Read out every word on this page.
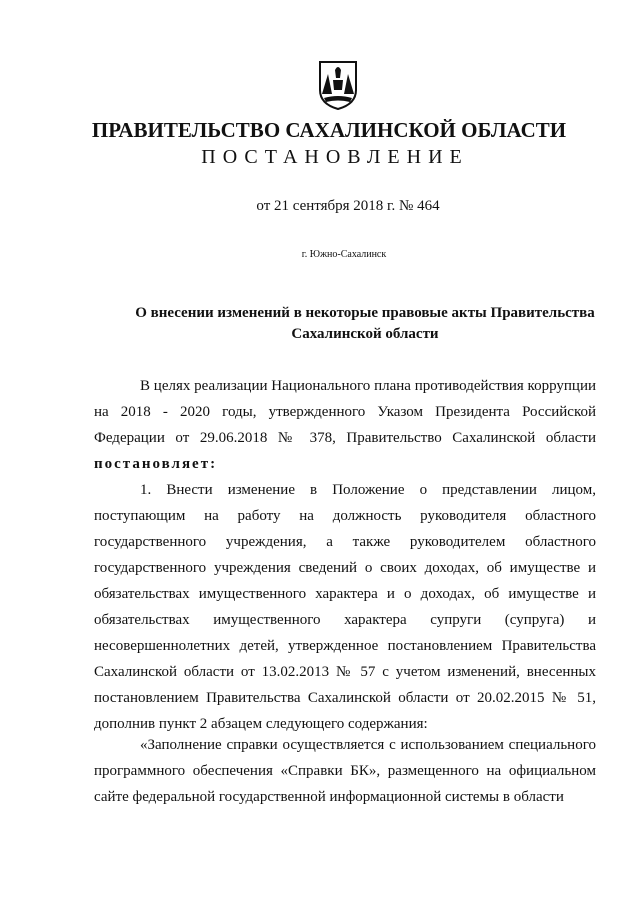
ПРАВИТЕЛЬСТВО САХАЛИНСКОЙ ОБЛАСТИ
ПОСТАНОВЛЕНИЕ
от 21 сентября 2018 г. № 464
г. Южно-Сахалинск
О внесении изменений в некоторые правовые акты Правительства Сахалинской области

В целях реализации Национального плана противодействия коррупции на 2018 - 2020 годы, утвержденного Указом Президента Российской Федерации от 29.06.2018 № 378, Правительство Сахалинской области постановляет:

1. Внести изменение в Положение о представлении лицом, поступающим на работу на должность руководителя областного государственного учреждения, а также руководителем областного государственного учреждения сведений о своих доходах, об имуществе и обязательствах имущественного характера и о доходах, об имуществе и обязательствах имущественного характера супруги (супруга) и несовершеннолетних детей, утвержденное постановлением Правительства Сахалинской области от 13.02.2013 № 57 с учетом изменений, внесенных постановлением Правительства Сахалинской области от 20.02.2015 № 51, дополнив пункт 2 абзацем следующего содержания:

«Заполнение справки осуществляется с использованием специального программного обеспечения «Справки БК», размещенного на официальном сайте федеральной государственной информационной системы в области
